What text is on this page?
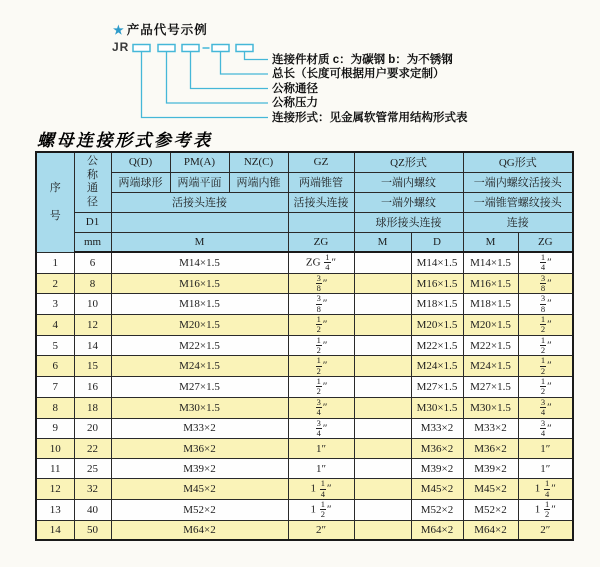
★ 产品代号示例
JR
连接件材质 c：为碳钢 b：为不锈钢
总长（长度可根据用户要求定制）
公称通径
公称压力
连接形式：见金属软管常用结构形式表
螺母连接形式参考表
序号	公称通径	Q(D)	PM(A)	NZ(C)	GZ	QZ形式		QG形式	
		两端球形	两端平面	两端内锥	两端锥管	一端内螺纹		一端内螺纹活接头	
		活接头连接			活接头连接	一端外螺纹		一端锥管螺纹接头	
	D1					球形接头连接		连接	
	mm	M			ZG	M	D	M	ZG
1	6	M14×1.5			ZG $\frac{1}{4}''$		M14×1.5	M14×1.5	$\frac{1}{4}''$
2	8	M16×1.5			$\frac{3}{8}''$		M16×1.5	M16×1.5	$\frac{3}{8}''$
3	10	M18×1.5			$\frac{3}{8}''$		M18×1.5	M18×1.5	$\frac{3}{8}''$
4	12	M20×1.5			$\frac{1}{2}''$		M20×1.5	M20×1.5	$\frac{1}{2}''$
5	14	M22×1.5			$\frac{1}{2}''$		M22×1.5	M22×1.5	$\frac{1}{2}''$
6	15	M24×1.5			$\frac{1}{2}''$		M24×1.5	M24×1.5	$\frac{1}{2}''$
7	16	M27×1.5			$\frac{1}{2}''$		M27×1.5	M27×1.5	$\frac{1}{2}''$
8	18	M30×1.5			$\frac{3}{4}''$		M30×1.5	M30×1.5	$\frac{3}{4}''$
9	20	M33×2			$\frac{3}{4}''$		M33×2	M33×2	$\frac{3}{4}''$
10	22	M36×2			1″		M36×2	M36×2	1″
11	25	M39×2			1″		M39×2	M39×2	1″
12	32	M45×2			$1 \frac{1}{4}''$		M45×2	M45×2	$1 \frac{1}{4}''$
13	40	M52×2			$1 \frac{1}{2}''$		M52×2	M52×2	$1 \frac{1}{2}''$
14	50	M64×2			2″		M64×2	M64×2	2″
